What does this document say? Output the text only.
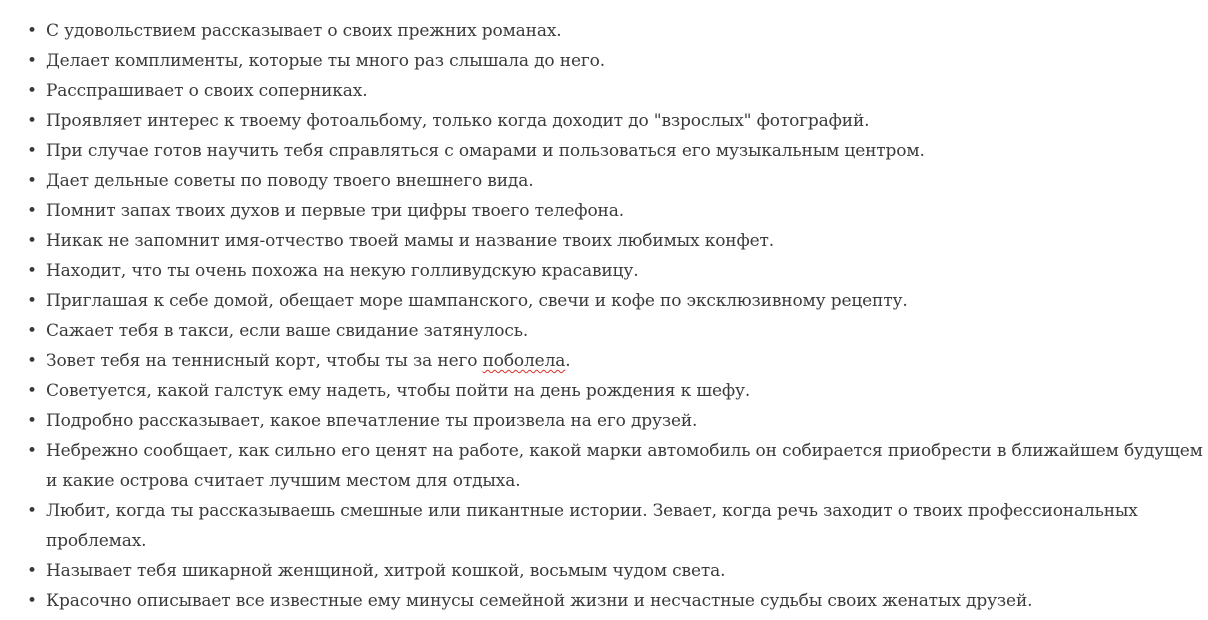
• С удовольствием рассказывает о своих прежних романах.
• Делает комплименты, которые ты много раз слышала до него.
• Расспрашивает о своих соперниках.
• Проявляет интерес к твоему фотоальбому, только когда доходит до "взрослых" фотографий.
• При случае готов научить тебя справляться с омарами и пользоваться его музыкальным центром.
• Дает дельные советы по поводу твоего внешнего вида.
• Помнит запах твоих духов и первые три цифры твоего телефона.
• Никак не запомнит имя-отчество твоей мамы и название твоих любимых конфет.
• Находит, что ты очень похожа на некую голливудскую красавицу.
• Приглашая к себе домой, обещает море шампанского, свечи и кофе по эксклюзивному рецепту.
• Сажает тебя в такси, если ваше свидание затянулось.
• Зовет тебя на теннисный корт, чтобы ты за него поболела.
• Советуется, какой галстук ему надеть, чтобы пойти на день рождения к шефу.
• Подробно рассказывает, какое впечатление ты произвела на его друзей.
• Небрежно сообщает, как сильно его ценят на работе, какой марки автомобиль он собирается приобрести в ближайшем будущем и какие острова считает лучшим местом для отдыха.
• Любит, когда ты рассказываешь смешные или пикантные истории. Зевает, когда речь заходит о твоих профессиональных проблемах.
• Называет тебя шикарной женщиной, хитрой кошкой, восьмым чудом света.
• Красочно описывает все известные ему минусы семейной жизни и несчастные судьбы своих женатых друзей.
